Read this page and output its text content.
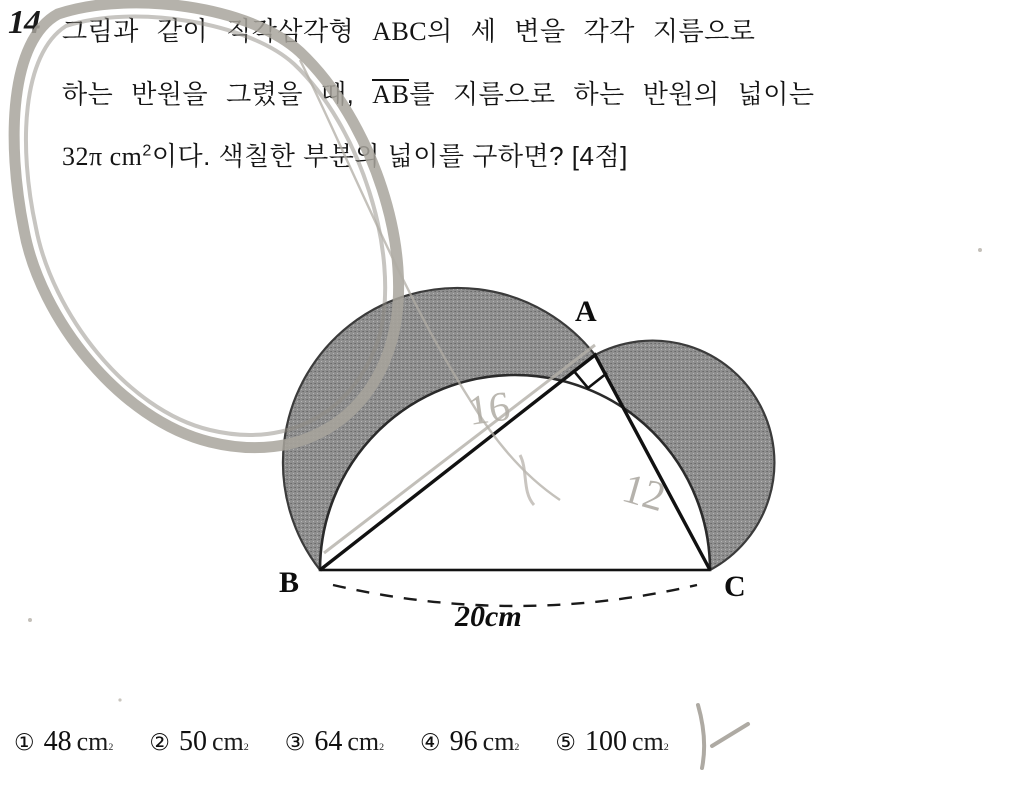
14 그림과 같이 직각삼각형 ABC의 세 변을 각각 지름으로
하는 반원을 그렸을 때, AB를 지름으로 하는 반원의 넓이는
32π $cm^2$이다. 색칠한 부분의 넓이를 구하면? [4점]
A
B	C
20cm
16
12
① 48 cm 2 ② 50 cm 2 ③ 64 cm 2 ④ 96 cm 2 ⑤ 100 cm 2
